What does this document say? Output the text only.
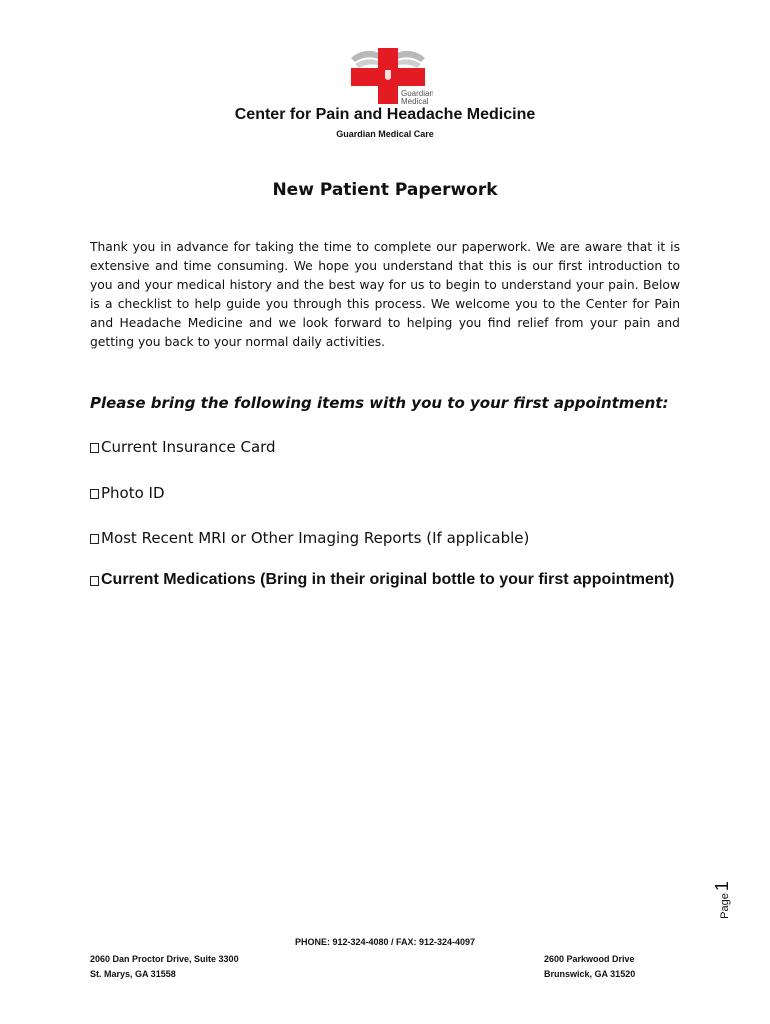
Guardian
Medical
Center for Pain and Headache Medicine
Guardian Medical Care
New Patient Paperwork

Thank you in advance for taking the time to complete our paperwork. We are aware that it is extensive and time consuming. We hope you understand that this is our first introduction to you and your medical history and the best way for us to begin to understand your pain. Below is a checklist to help guide you through this process. We welcome you to the Center for Pain and Headache Medicine and we look forward to helping you find relief from your pain and getting you back to your normal daily activities.

Please bring the following items with you to your first appointment:

Current Insurance Card
Photo ID
Most Recent MRI or Other Imaging Reports (If applicable)
Current Medications (Bring in their original bottle to your first appointment)
Page
1
PHONE: 912-324-4080 / FAX: 912-324-4097
2060 Dan Proctor Drive, Suite 3300
St. Marys, GA 31558
2600 Parkwood Drive
Brunswick, GA 31520
